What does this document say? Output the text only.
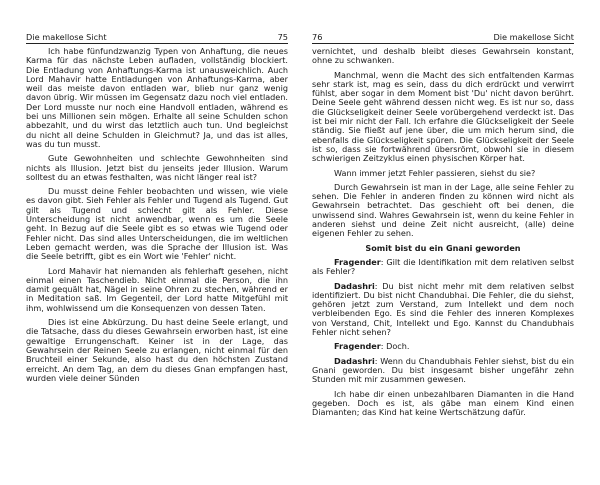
Die makellose Sicht	75

Ich habe fünfundzwanzig Typen von Anhaftung, die neues Karma für das nächste Leben aufladen, vollständig blockiert. Die Entladung von Anhaftungs-Karma ist unausweichlich. Auch Lord Mahavir hatte Entladungen von Anhaftungs-Karma, aber weil das meiste davon entladen war, blieb nur ganz wenig davon übrig. Wir müssen im Gegensatz dazu noch viel entladen. Der Lord musste nur noch eine Handvoll entladen, während es bei uns Millionen sein mögen. Erhalte all seine Schulden schon abbezahlt, und du wirst das letztlich auch tun. Und begleichst du nicht all deine Schulden in Gleichmut? Ja, und das ist alles, was du tun musst.

Gute Gewohnheiten und schlechte Gewohnheiten sind nichts als Illusion. Jetzt bist du jenseits jeder Illusion. Warum solltest du an etwas festhalten, was nicht länger real ist?

Du musst deine Fehler beobachten und wissen, wie viele es davon gibt. Sieh Fehler als Fehler und Tugend als Tugend. Gut gilt als Tugend und schlecht gilt als Fehler. Diese Unterscheidung ist nicht anwendbar, wenn es um die Seele geht. In Bezug auf die Seele gibt es so etwas wie Tugend oder Fehler nicht. Das sind alles Unterscheidungen, die im weltlichen Leben gemacht werden, was die Sprache der Illusion ist. Was die Seele betrifft, gibt es ein Wort wie 'Fehler' nicht.

Lord Mahavir hat niemanden als fehlerhaft gesehen, nicht einmal einen Taschendieb. Nicht einmal die Person, die ihn damit gequält hat, Nägel in seine Ohren zu stechen, während er in Meditation saß. Im Gegenteil, der Lord hatte Mitgefühl mit ihm, wohlwissend um die Konsequenzen von dessen Taten.

Dies ist eine Abkürzung. Du hast deine Seele erlangt, und die Tatsache, dass du dieses Gewahrsein erworben hast, ist eine gewaltige Errungenschaft. Keiner ist in der Lage, das Gewahrsein der Reinen Seele zu erlangen, nicht einmal für den Bruchteil einer Sekunde, also hast du den höchsten Zustand erreicht. An dem Tag, an dem du dieses Gnan empfangen hast, wurden viele deiner Sünden

76	Die makellose Sicht

vernichtet, und deshalb bleibt dieses Gewahrsein konstant, ohne zu schwanken.

Manchmal, wenn die Macht des sich entfaltenden Karmas sehr stark ist, mag es sein, dass du dich erdrückt und verwirrt fühlst, aber sogar in dem Moment bist 'Du' nicht davon berührt. Deine Seele geht während dessen nicht weg. Es ist nur so, dass die Glückseligkeit deiner Seele vorübergehend verdeckt ist. Das ist bei mir nicht der Fall. Ich erfahre die Glückseligkeit der Seele ständig. Sie fließt auf jene über, die um mich herum sind, die ebenfalls die Glückseligkeit spüren. Die Glückseligkeit der Seele ist so, dass sie fortwährend übersrömt, obwohl sie in diesem schwierigen Zeitzyklus einen physischen Körper hat.

Wann immer jetzt Fehler passieren, siehst du sie?

Durch Gewahrsein ist man in der Lage, alle seine Fehler zu sehen. Die Fehler in anderen finden zu können wird nicht als Gewahrsein betrachtet. Das geschieht oft bei denen, die unwissend sind. Wahres Gewahrsein ist, wenn du keine Fehler in anderen siehst und deine Zeit nicht ausreicht, (alle) deine eigenen Fehler zu sehen.

Somit bist du ein Gnani geworden

Fragender: Gilt die Identifikation mit dem relativen selbst als Fehler?

Dadashri: Du bist nicht mehr mit dem relativen selbst identifiziert. Du bist nicht Chandubhai. Die Fehler, die du siehst, gehören jetzt zum Verstand, zum Intellekt und dem noch verbleibenden Ego. Es sind die Fehler des inneren Komplexes von Verstand, Chit, Intellekt und Ego. Kannst du Chandubhais Fehler nicht sehen?

Fragender: Doch.

Dadashri: Wenn du Chandubhais Fehler siehst, bist du ein Gnani geworden. Du bist insgesamt bisher ungefähr zehn Stunden mit mir zusammen gewesen.

Ich habe dir einen unbezahlbaren Diamanten in die Hand gegeben. Doch es ist, als gäbe man einem Kind einen Diamanten; das Kind hat keine Wertschätzung dafür.
